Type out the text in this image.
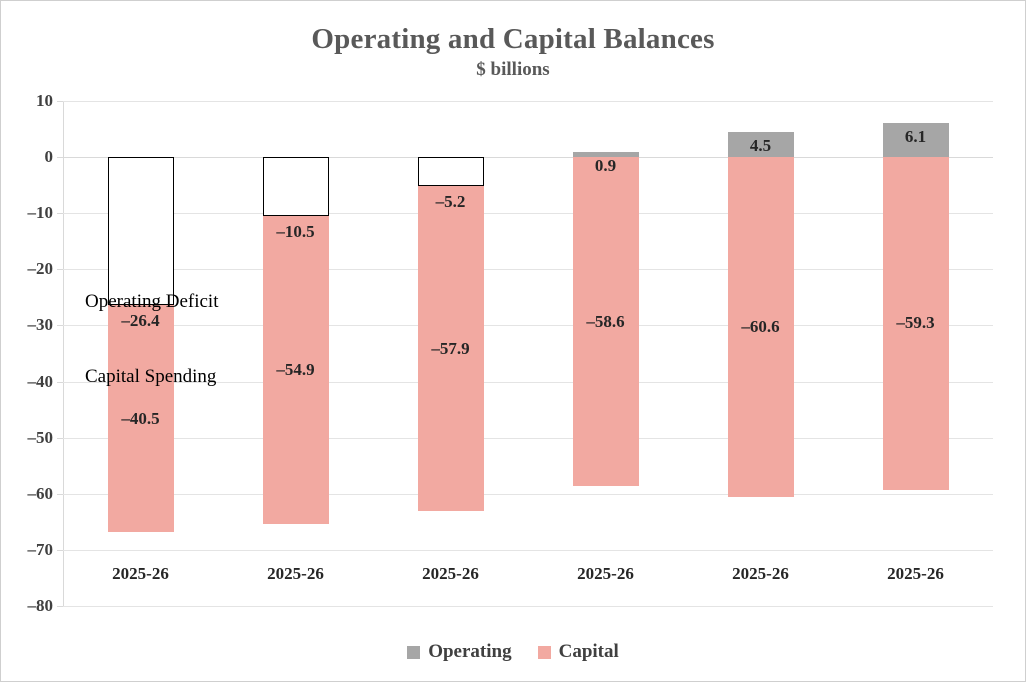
Operating and Capital Balances
$ billions
10
0
–10
–20
–30
–40
–50
–60
–70
–80
–26.4
–40.5
2025-26
–10.5
–54.9
2025-26
–5.2
–57.9
2025-26
0.9
–58.6
2025-26
4.5
–60.6
2025-26
6.1
–59.3
2025-26
Operating Deficit
Capital Spending
Operating Capital
